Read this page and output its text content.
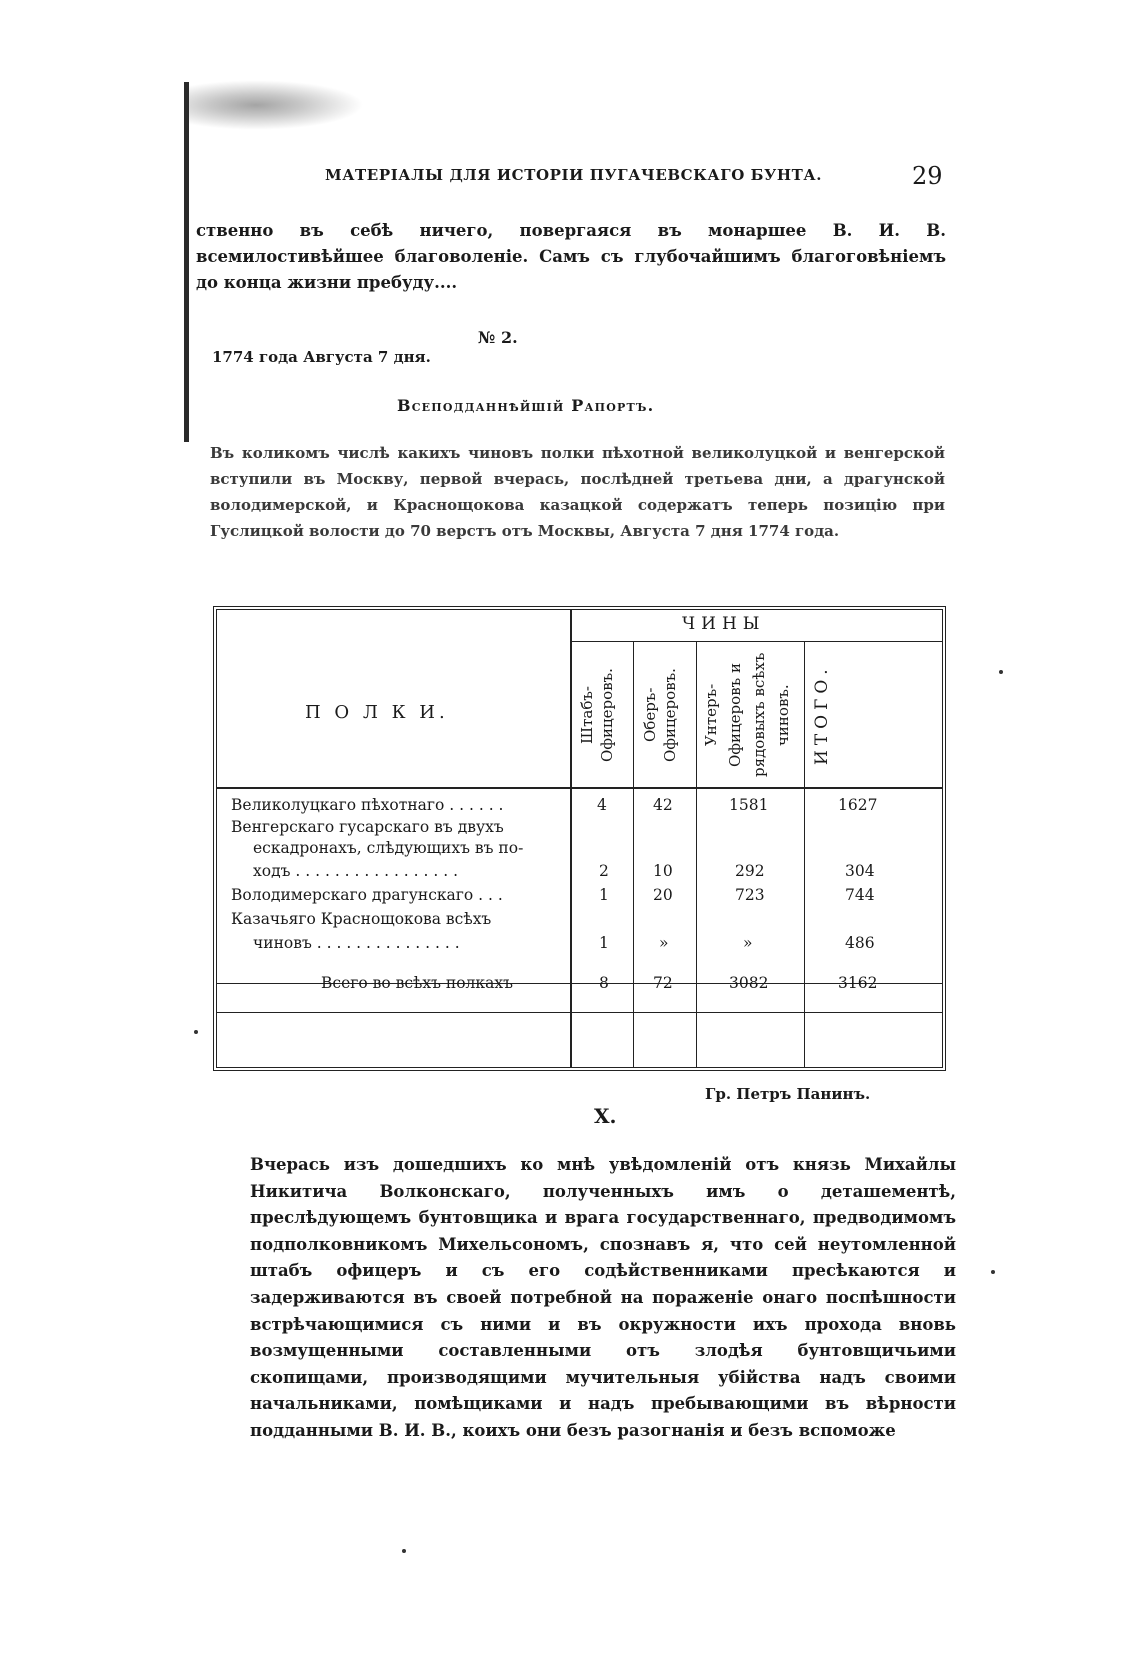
МАТЕРІАЛЫ ДЛЯ ИСТОРІИ ПУГАЧЕВСКАГО БУНТА.	29
ственно въ себѣ ничего, повергаяся въ монаршее В. И. В. всемилостивѣйшее благоволеніе. Самъ съ глубочайшимъ благоговѣніемъ до конца жизни пребуду....
№ 2.
1774 года Августа 7 дня.
Всеподданнѣйшій Рапортъ.
Въ коликомъ числѣ какихъ чиновъ полки пѣхотной великолуцкой и венгерской вступили въ Москву, первой вчерась, послѣдней третьева дни, а драгунской володимерской, и Краснощокова казацкой содержатъ теперь позицію при Гуслицкой волости до 70 верстъ отъ Москвы, Августа 7 дня 1774 года.
ЧИНЫ
П О Л К И.	Штабъ-Офицеровъ.	Оберъ-Офицеровъ.	Унтеръ-Офицеровъ и рядовыхъ всѣхъ чиновъ.	ИТОГО.
Великолуцкаго пѣхотнаго . . . . . .	4	42	1581	1627
Венгерскаго гусарскаго въ двухъ
ескадронахъ, слѣдующихъ въ по-
ходъ . . . . . . . . . . . . . . . . .	2	10	292	304
Володимерскаго драгунскаго . . .	1	20	723	744
Казачьяго Краснощокова всѣхъ
чиновъ . . . . . . . . . . . . . . .	1	»	»	486
Всего во всѣхъ полкахъ	8	72	3082	3162
Гр. Петръ Панинъ.
X.
Вчерась изъ дошедшихъ ко мнѣ увѣдомленій отъ князь Михайлы Никитича Волконскаго, полученныхъ имъ о деташементѣ, преслѣдующемъ бунтовщика и врага государственнаго, предводимомъ подполковникомъ Михельсономъ, спознавъ я, что сей неутомленной штабъ офицеръ и съ его содѣйственниками пресѣкаются и задерживаются въ своей потребной на пораженіе онаго поспѣшности встрѣчающимися съ ними и въ окружности ихъ прохода вновь возмущенными составленными отъ злодѣя бунтовщичьими скопищами, производящими мучительныя убійства надъ своими начальниками, помѣщиками и надъ пребывающими въ вѣрности подданными В. И. В., коихъ они безъ разогнанія и безъ вспоможе
